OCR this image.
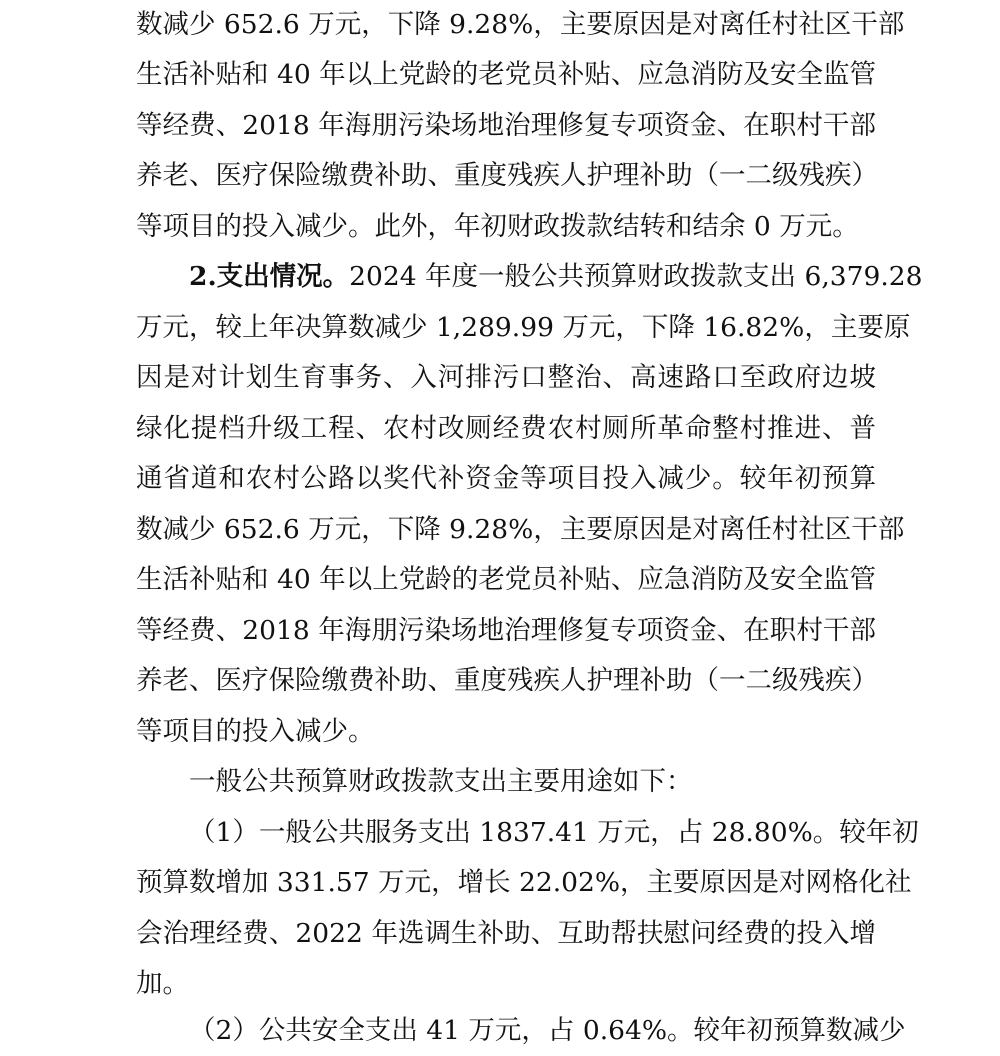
数减少 652.6 万元，下降 9.28%，主要原因是对离任村社区干部
生活补贴和 40 年以上党龄的老党员补贴、应急消防及安全监管
等经费、2018 年海朋污染场地治理修复专项资金、在职村干部
养老、医疗保险缴费补助、重度残疾人护理补助（一二级残疾）
等项目的投入减少。此外，年初财政拨款结转和结余 0 万元。
2.支出情况。2024 年度一般公共预算财政拨款支出 6,379.28
万元，较上年决算数减少 1,289.99 万元，下降 16.82%，主要原
因是对计划生育事务、入河排污口整治、高速路口至政府边坡
绿化提档升级工程、农村改厕经费农村厕所革命整村推进、普
通省道和农村公路以奖代补资金等项目投入减少。较年初预算
数减少 652.6 万元，下降 9.28%，主要原因是对离任村社区干部
生活补贴和 40 年以上党龄的老党员补贴、应急消防及安全监管
等经费、2018 年海朋污染场地治理修复专项资金、在职村干部
养老、医疗保险缴费补助、重度残疾人护理补助（一二级残疾）
等项目的投入减少。
一般公共预算财政拨款支出主要用途如下：
（1）一般公共服务支出 1837.41 万元，占 28.80%。较年初
预算数增加 331.57 万元，增长 22.02%，主要原因是对网格化社
会治理经费、2022 年选调生补助、互助帮扶慰问经费的投入增
加。
（2）公共安全支出 41 万元，占 0.64%。较年初预算数减少
